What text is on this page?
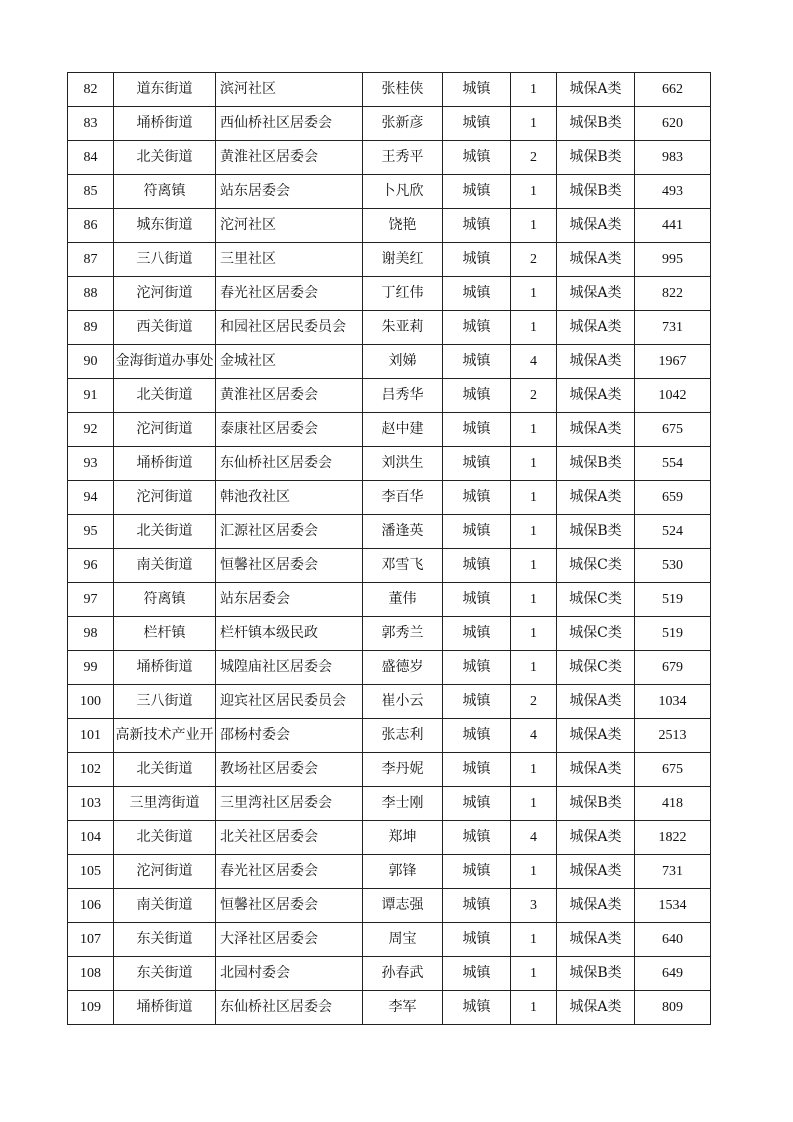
82	道东街道	滨河社区	张桂侠	城镇	1	城保A类	662
83	埇桥街道	西仙桥社区居委会	张新彦	城镇	1	城保B类	620
84	北关街道	黄淮社区居委会	王秀平	城镇	2	城保B类	983
85	符离镇	站东居委会	卜凡欣	城镇	1	城保B类	493
86	城东街道	沱河社区	饶艳	城镇	1	城保A类	441
87	三八街道	三里社区	谢美红	城镇	2	城保A类	995
88	沱河街道	春光社区居委会	丁红伟	城镇	1	城保A类	822
89	西关街道	和园社区居民委员会	朱亚莉	城镇	1	城保A类	731
90	金海街道办事处	金城社区	刘娣	城镇	4	城保A类	1967
91	北关街道	黄淮社区居委会	吕秀华	城镇	2	城保A类	1042
92	沱河街道	泰康社区居委会	赵中建	城镇	1	城保A类	675
93	埇桥街道	东仙桥社区居委会	刘洪生	城镇	1	城保B类	554
94	沱河街道	韩池孜社区	李百华	城镇	1	城保A类	659
95	北关街道	汇源社区居委会	潘逢英	城镇	1	城保B类	524
96	南关街道	恒馨社区居委会	邓雪飞	城镇	1	城保C类	530
97	符离镇	站东居委会	董伟	城镇	1	城保C类	519
98	栏杆镇	栏杆镇本级民政	郭秀兰	城镇	1	城保C类	519
99	埇桥街道	城隍庙社区居委会	盛德岁	城镇	1	城保C类	679
100	三八街道	迎宾社区居民委员会	崔小云	城镇	2	城保A类	1034
101	高新技术产业开	邵杨村委会	张志利	城镇	4	城保A类	2513
102	北关街道	教场社区居委会	李丹妮	城镇	1	城保A类	675
103	三里湾街道	三里湾社区居委会	李士刚	城镇	1	城保B类	418
104	北关街道	北关社区居委会	郑坤	城镇	4	城保A类	1822
105	沱河街道	春光社区居委会	郭锋	城镇	1	城保A类	731
106	南关街道	恒馨社区居委会	谭志强	城镇	3	城保A类	1534
107	东关街道	大泽社区居委会	周宝	城镇	1	城保A类	640
108	东关街道	北园村委会	孙春武	城镇	1	城保B类	649
109	埇桥街道	东仙桥社区居委会	李军	城镇	1	城保A类	809
